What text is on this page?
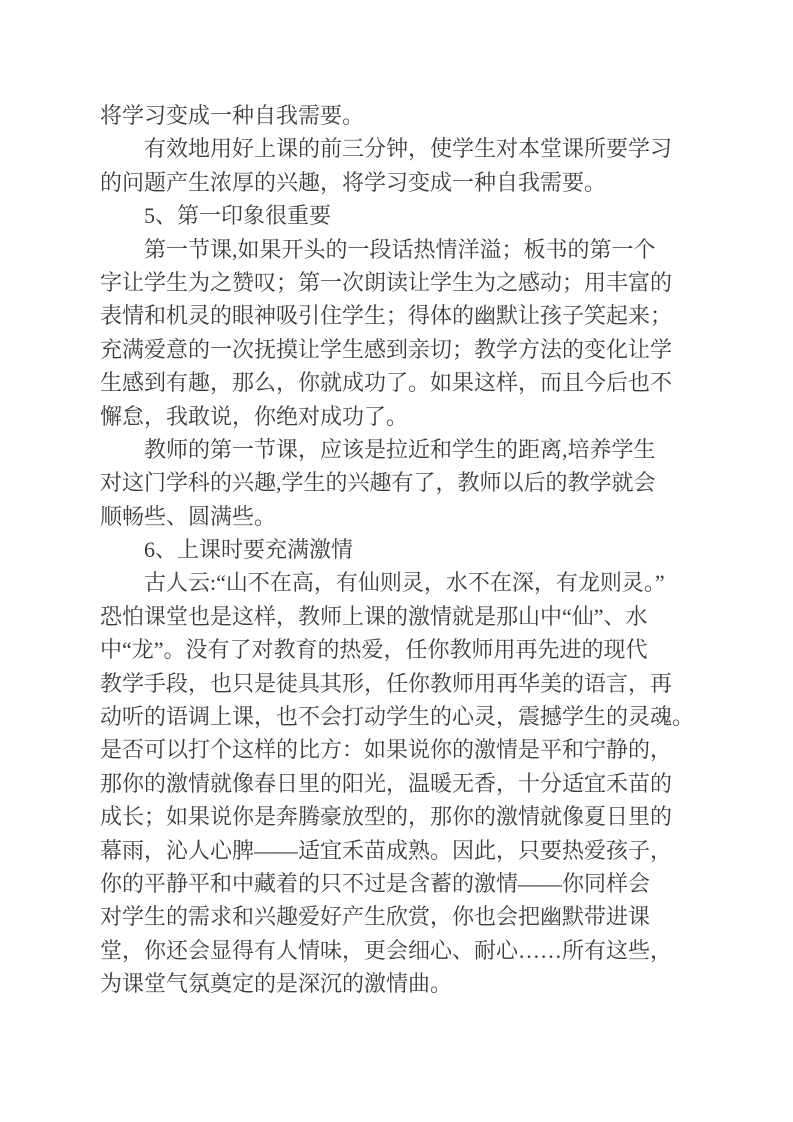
将学习变成一种自我需要。
有效地用好上课的前三分钟，使学生对本堂课所要学习
的问题产生浓厚的兴趣，将学习变成一种自我需要。
5、第一印象很重要
第一节课,如果开头的一段话热情洋溢；板书的第一个
字让学生为之赞叹；第一次朗读让学生为之感动；用丰富的
表情和机灵的眼神吸引住学生；得体的幽默让孩子笑起来；
充满爱意的一次抚摸让学生感到亲切；教学方法的变化让学
生感到有趣，那么，你就成功了。如果这样，而且今后也不
懈怠，我敢说，你绝对成功了。
教师的第一节课，应该是拉近和学生的距离,培养学生
对这门学科的兴趣,学生的兴趣有了，教师以后的教学就会
顺畅些、圆满些。
6、上课时要充满激情
古人云:“山不在高，有仙则灵，水不在深，有龙则灵。”
恐怕课堂也是这样，教师上课的激情就是那山中“仙”、水
中“龙”。没有了对教育的热爱，任你教师用再先进的现代
教学手段，也只是徒具其形，任你教师用再华美的语言，再
动听的语调上课，也不会打动学生的心灵，震撼学生的灵魂。
是否可以打个这样的比方：如果说你的激情是平和宁静的，
那你的激情就像春日里的阳光，温暖无香，十分适宜禾苗的
成长；如果说你是奔腾豪放型的，那你的激情就像夏日里的
幕雨，沁人心脾——适宜禾苗成熟。因此，只要热爱孩子，
你的平静平和中藏着的只不过是含蓄的激情——你同样会
对学生的需求和兴趣爱好产生欣赏，你也会把幽默带进课
堂，你还会显得有人情味，更会细心、耐心……所有这些，
为课堂气氛奠定的是深沉的激情曲。
